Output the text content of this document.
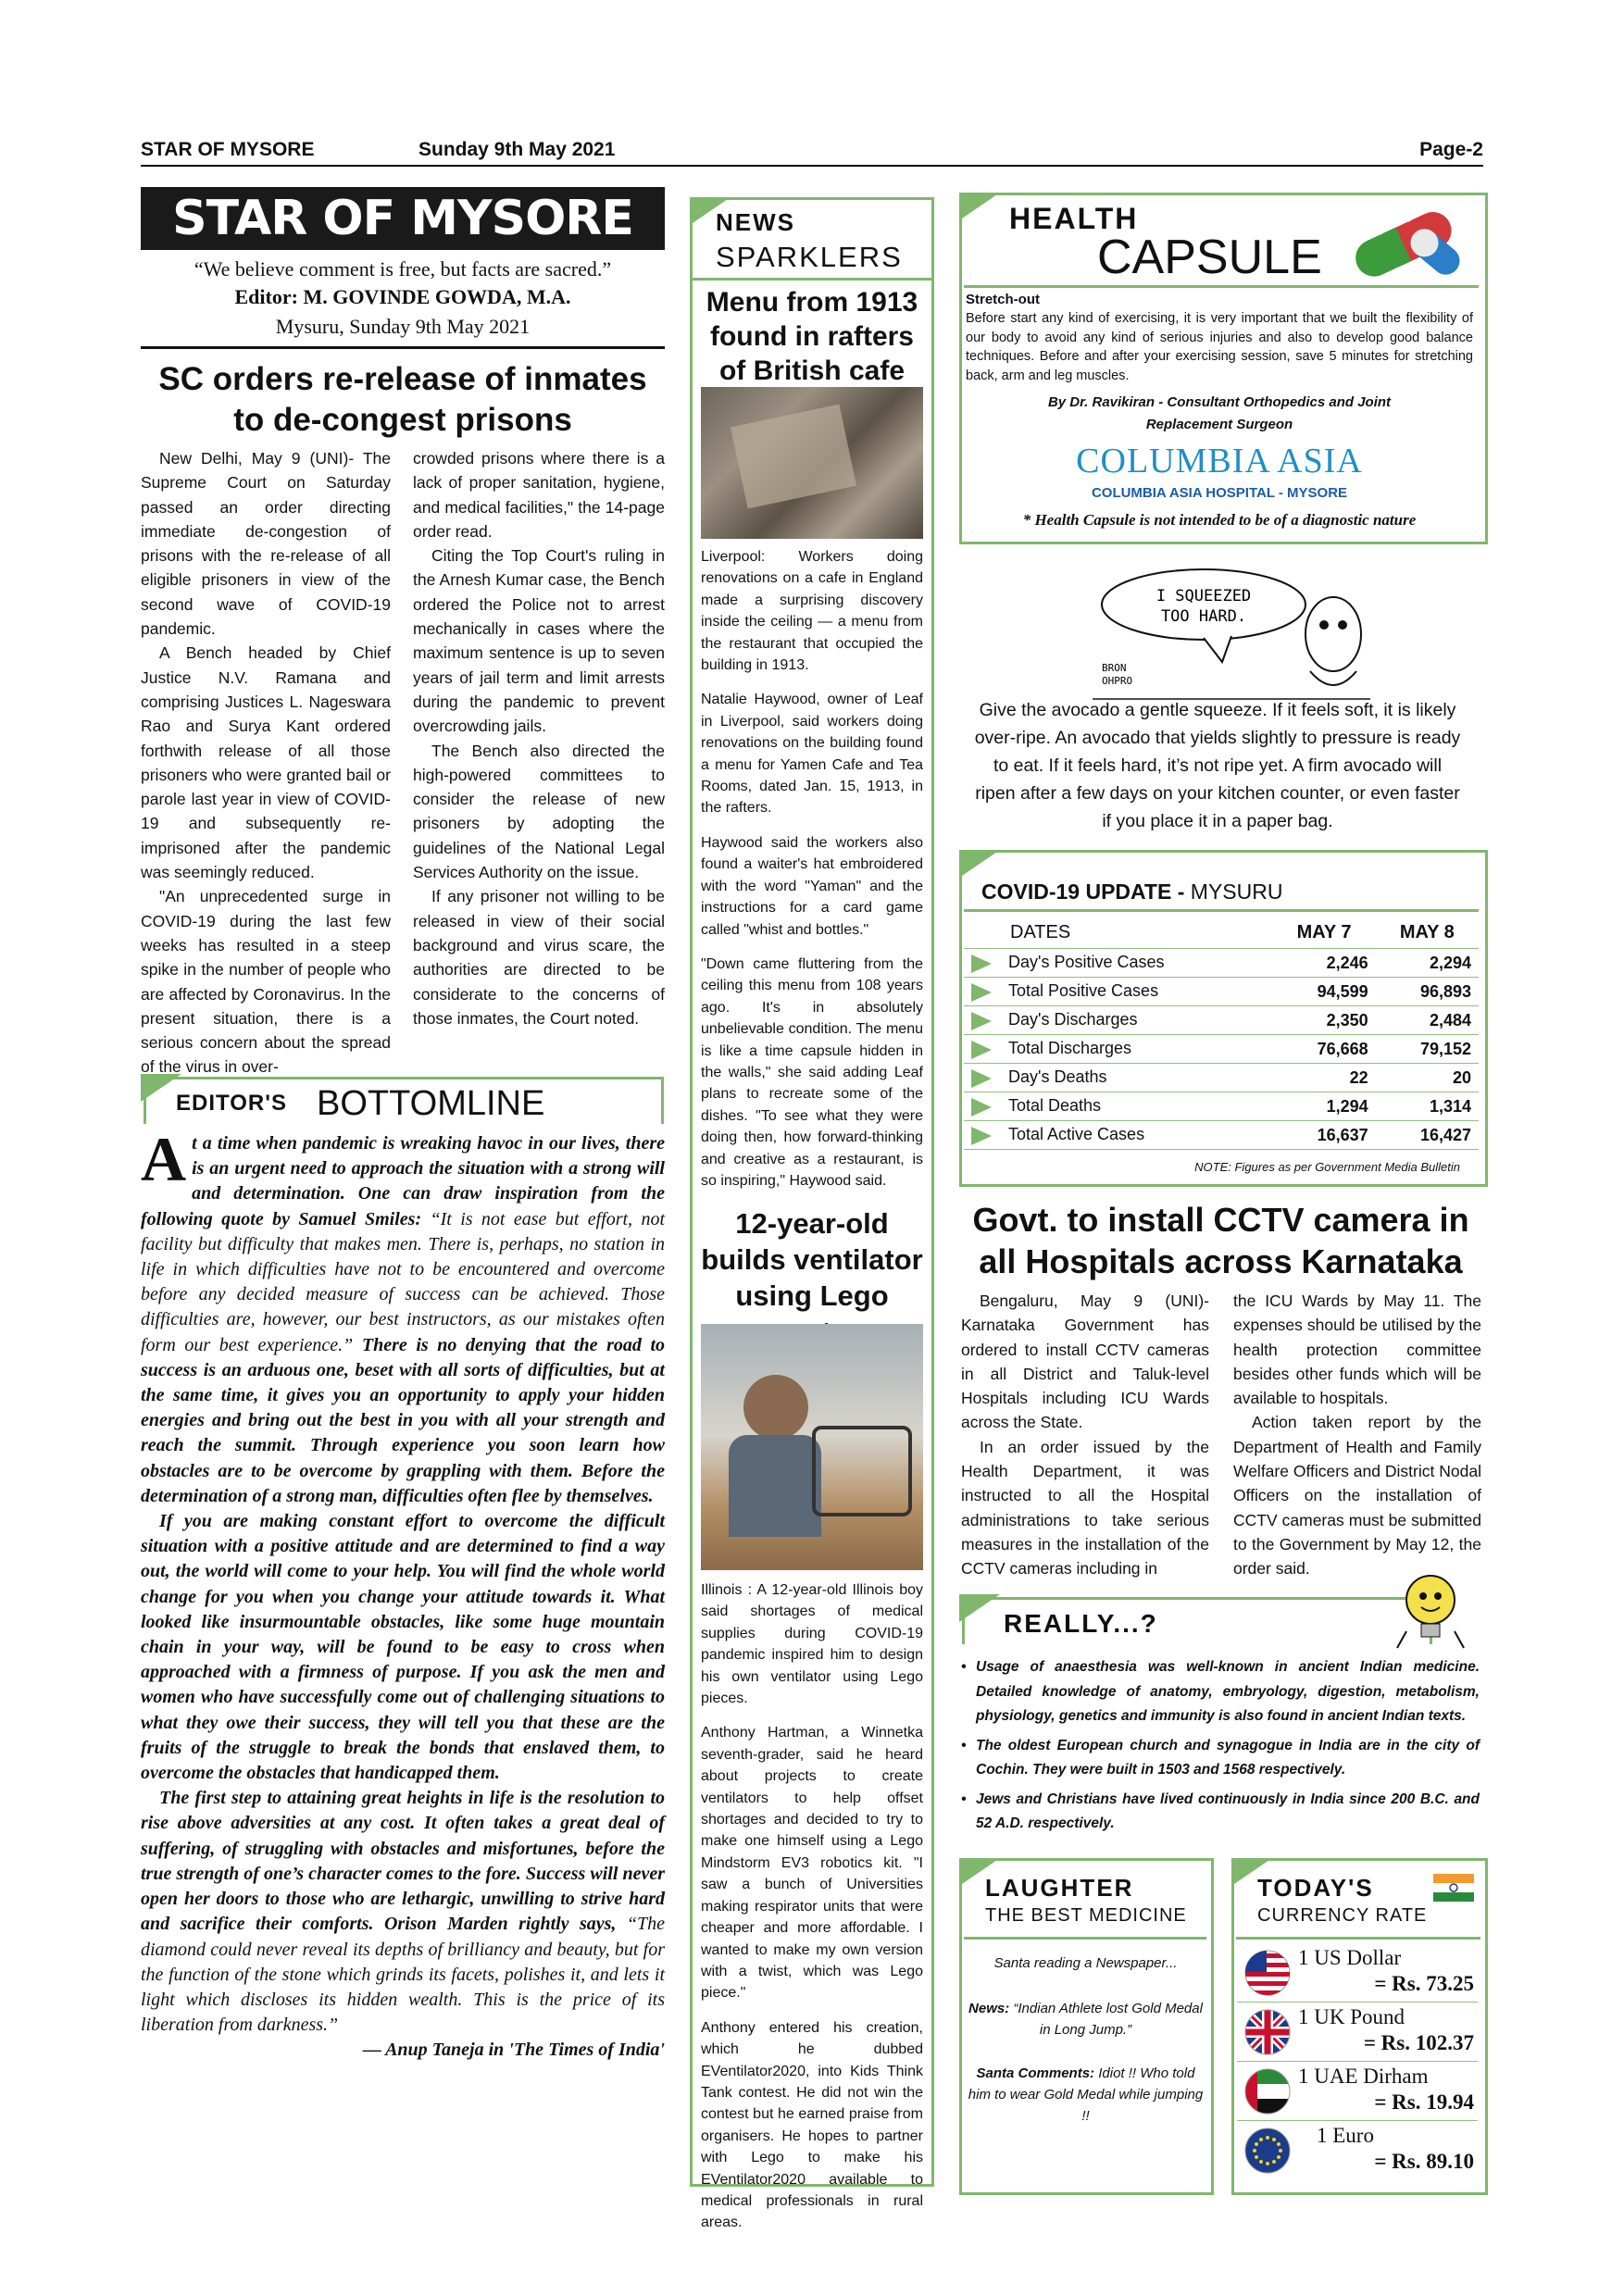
STAR OF MYSORE	Sunday 9th May 2021	Page-2
STAR OF MYSORE
“We believe comment is free, but facts are sacred.”
Editor: M. GOVINDE GOWDA, M.A.
Mysuru, Sunday 9th May 2021
SC orders re-release of inmates
to de-congest prisons

New Delhi, May 9 (UNI)- The Supreme Court on Saturday passed an order directing immediate de-congestion of prisons with the re-release of all eligible prisoners in view of the second wave of COVID-19 pandemic.

A Bench headed by Chief Justice N.V. Ramana and comprising Justices L. Nageswara Rao and Surya Kant ordered forthwith release of all those prisoners who were granted bail or parole last year in view of COVID-19 and subsequently re-imprisoned after the pandemic was seemingly reduced.

"An unprecedented surge in COVID-19 during the last few weeks has resulted in a steep spike in the number of people who are affected by Coronavirus. In the present situation, there is a serious concern about the spread of the virus in over-

crowded prisons where there is a lack of proper sanitation, hygiene, and medical facilities," the 14-page order read.

Citing the Top Court's ruling in the Arnesh Kumar case, the Bench ordered the Police not to arrest mechanically in cases where the maximum sentence is up to seven years of jail term and limit arrests during the pandemic to prevent overcrowding jails.

The Bench also directed the high-powered committees to consider the release of new prisoners by adopting the guidelines of the National Legal Services Authority on the issue.

If any prisoner not willing to be released in view of their social background and virus scare, the authorities are directed to be considerate to the concerns of those inmates, the Court noted.

EDITOR'S BOTTOMLINE

At a time when pandemic is wreaking havoc in our lives, there is an urgent need to approach the situation with a strong will and determination. One can draw inspiration from the following quote by Samuel Smiles: “It is not ease but effort, not facility but difficulty that makes men. There is, perhaps, no station in life in which difficulties have not to be encountered and overcome before any decided measure of success can be achieved. Those difficulties are, however, our best instructors, as our mistakes often form our best experience.” There is no denying that the road to success is an arduous one, beset with all sorts of difficulties, but at the same time, it gives you an opportunity to apply your hidden energies and bring out the best in you with all your strength and reach the summit. Through experience you soon learn how obstacles are to be overcome by grappling with them. Before the determination of a strong man, difficulties often flee by themselves.

If you are making constant effort to overcome the difficult situation with a positive attitude and are determined to find a way out, the world will come to your help. You will find the whole world change for you when you change your attitude towards it. What looked like insurmountable obstacles, like some huge mountain chain in your way, will be found to be easy to cross when approached with a firmness of purpose. If you ask the men and women who have successfully come out of challenging situations to what they owe their success, they will tell you that these are the fruits of the struggle to break the bonds that enslaved them, to overcome the obstacles that handicapped them.

The first step to attaining great heights in life is the resolution to rise above adversities at any cost. It often takes a great deal of suffering, of struggling with obstacles and misfortunes, before the true strength of one’s character comes to the fore. Success will never open her doors to those who are lethargic, unwilling to strive hard and sacrifice their comforts. Orison Marden rightly says, “The diamond could never reveal its depths of brilliancy and beauty, but for the function of the stone which grinds its facets, polishes it, and lets it light which discloses its hidden wealth. This is the price of its liberation from darkness.”

— Anup Taneja in 'The Times of India'
NEWS
SPARKLERS
Menu from 1913 found in rafters of British cafe

Liverpool: Workers doing renovations on a cafe in England made a surprising discovery inside the ceiling — a menu from the restaurant that occupied the building in 1913.

Natalie Haywood, owner of Leaf in Liverpool, said workers doing renovations on the building found a menu for Yamen Cafe and Tea Rooms, dated Jan. 15, 1913, in the rafters.

Haywood said the workers also found a waiter's hat embroidered with the word "Yaman" and the instructions for a card game called "whist and bottles."

"Down came fluttering from the ceiling this menu from 108 years ago. It's in absolutely unbelievable condition. The menu is like a time capsule hidden in the walls," she said adding Leaf plans to recreate some of the dishes. "To see what they were doing then, how forward-thinking and creative as a restaurant, is so inspiring," Haywood said.

12-year-old builds ventilator using Lego

Illinois : A 12-year-old Illinois boy said shortages of medical supplies during COVID-19 pandemic inspired him to design his own ventilator using Lego pieces.

Anthony Hartman, a Winnetka seventh-grader, said he heard about projects to create ventilators to help offset shortages and decided to try to make one himself using a Lego Mindstorm EV3 robotics kit. "I saw a bunch of Universities making respirator units that were cheaper and more affordable. I wanted to make my own version with a twist, which was Lego piece."

Anthony entered his creation, which he dubbed EVentilator2020, into Kids Think Tank contest. He did not win the contest but he earned praise from organisers. He hopes to partner with Lego to make his EVentilator2020 available to medical professionals in rural areas.

HEALTH
CAPSULE
Stretch-out
Before start any kind of exercising, it is very important that we built the flexibility of our body to avoid any kind of serious injuries and also to develop good balance techniques. Before and after your exercising session, save 5 minutes for stretching back, arm and leg muscles.
By Dr. Ravikiran - Consultant Orthopedics and Joint
Replacement Surgeon
COLUMBIA ASIA
COLUMBIA ASIA HOSPITAL - MYSORE
* Health Capsule is not intended to be of a diagnostic nature
I SQUEEZED
TOO HARD.
BRON
OHPRO
Give the avocado a gentle squeeze. If it feels soft, it is likely over-ripe. An avocado that yields slightly to pressure is ready to eat. If it feels hard, it’s not ripe yet. A firm avocado will ripen after a few days on your kitchen counter, or even faster if you place it in a paper bag.
COVID-19 UPDATE - MYSURU
DATES	MAY 7	MAY 8
Day's Positive Cases	2,246	2,294
Total Positive Cases	94,599	96,893
Day's Discharges	2,350	2,484
Total Discharges	76,668	79,152
Day's Deaths	22	20
Total Deaths	1,294	1,314
Total Active Cases	16,637	16,427
NOTE: Figures as per Government Media Bulletin
Govt. to install CCTV camera in
all Hospitals across Karnataka

Bengaluru, May 9 (UNI)- Karnataka Government has ordered to install CCTV cameras in all District and Taluk-level Hospitals including ICU Wards across the State.

In an order issued by the Health Department, it was instructed to all the Hospital administrations to take serious measures in the installation of the CCTV cameras including in

the ICU Wards by May 11. The expenses should be utilised by the health protection committee besides other funds which will be available to hospitals.

Action taken report by the Department of Health and Family Welfare Officers and District Nodal Officers on the installation of CCTV cameras must be submitted to the Government by May 12, the order said.

REALLY...?
• Usage of anaesthesia was well-known in ancient Indian medicine. Detailed knowledge of anatomy, embryology, digestion, metabolism, physiology, genetics and immunity is also found in ancient Indian texts.
• The oldest European church and synagogue in India are in the city of Cochin. They were built in 1503 and 1568 respectively.
• Jews and Christians have lived continuously in India since 200 B.C. and 52 A.D. respectively.
LAUGHTER
THE BEST MEDICINE
Santa reading a Newspaper...
News: “Indian Athlete lost Gold Medal in Long Jump.”
Santa Comments: Idiot !! Who told him to wear Gold Medal while jumping !!
TODAY'S
CURRENCY RATE
1 US Dollar
= Rs. 73.25
1 UK Pound
= Rs. 102.37
1 UAE Dirham
= Rs. 19.94
1 Euro
= Rs. 89.10
